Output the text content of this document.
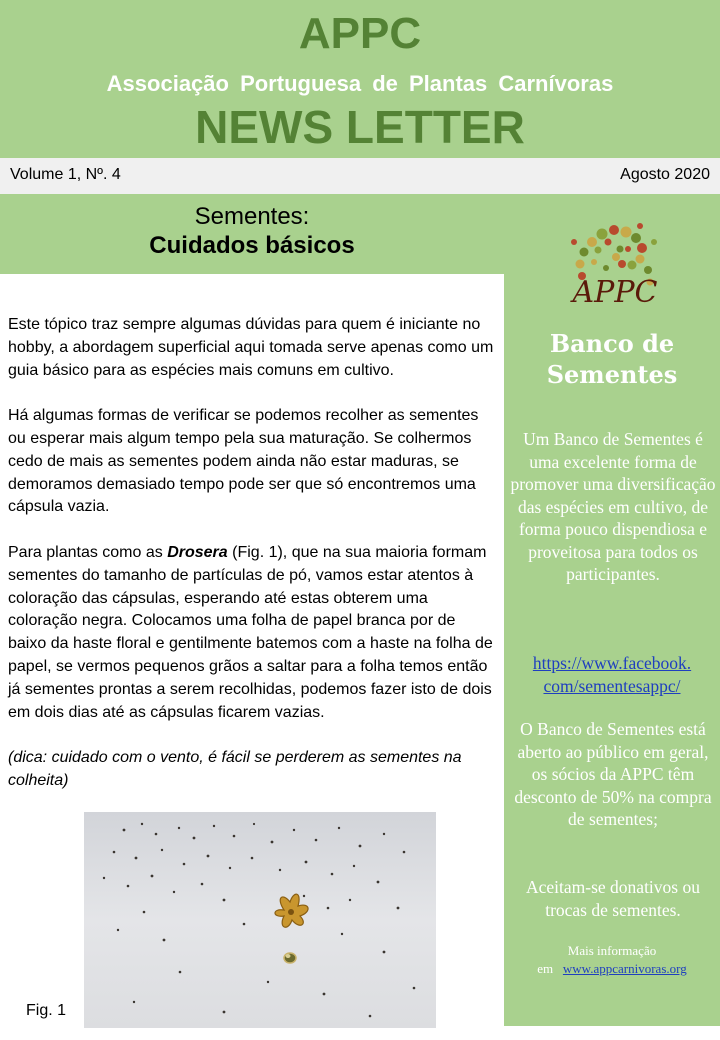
APPC
Associação Portuguesa de Plantas Carnívoras
NEWS LETTER
Volume 1, Nº. 4	Agosto 2020
Sementes:
Cuidados básicos
APPC
Banco de
Sementes
Um Banco de Sementes é uma excelente forma de promover uma diversificação das espécies em cultivo, de forma pouco dispendiosa e proveitosa para todos os participantes.
https://www.facebook.
com/sementesappc/
O Banco de Sementes está aberto ao público em geral, os sócios da APPC têm desconto de 50% na compra de sementes;
Aceitam-se donativos ou trocas de sementes.
Mais informação
em www.appcarnivoras.org

Este tópico traz sempre algumas dúvidas para quem é iniciante no hobby, a abordagem superficial aqui tomada serve apenas como um guia básico para as espécies mais comuns em cultivo.

Há algumas formas de verificar se podemos recolher as sementes ou esperar mais algum tempo pela sua maturação. Se colhermos cedo de mais as sementes podem ainda não estar maduras, se demoramos demasiado tempo pode ser que só encontremos uma cápsula vazia.

Para plantas como as Drosera (Fig. 1), que na sua maioria formam sementes do tamanho de partículas de pó, vamos estar atentos à coloração das cápsulas, esperando até estas obterem uma coloração negra. Colocamos uma folha de papel branca por de baixo da haste floral e gentilmente batemos com a haste na folha de papel, se vermos pequenos grãos a saltar para a folha temos então já sementes prontas a serem recolhidas, podemos fazer isto de dois em dois dias até as cápsulas ficarem vazias.

(dica: cuidado com o vento, é fácil se perderem as sementes na colheita)

Fig. 1
